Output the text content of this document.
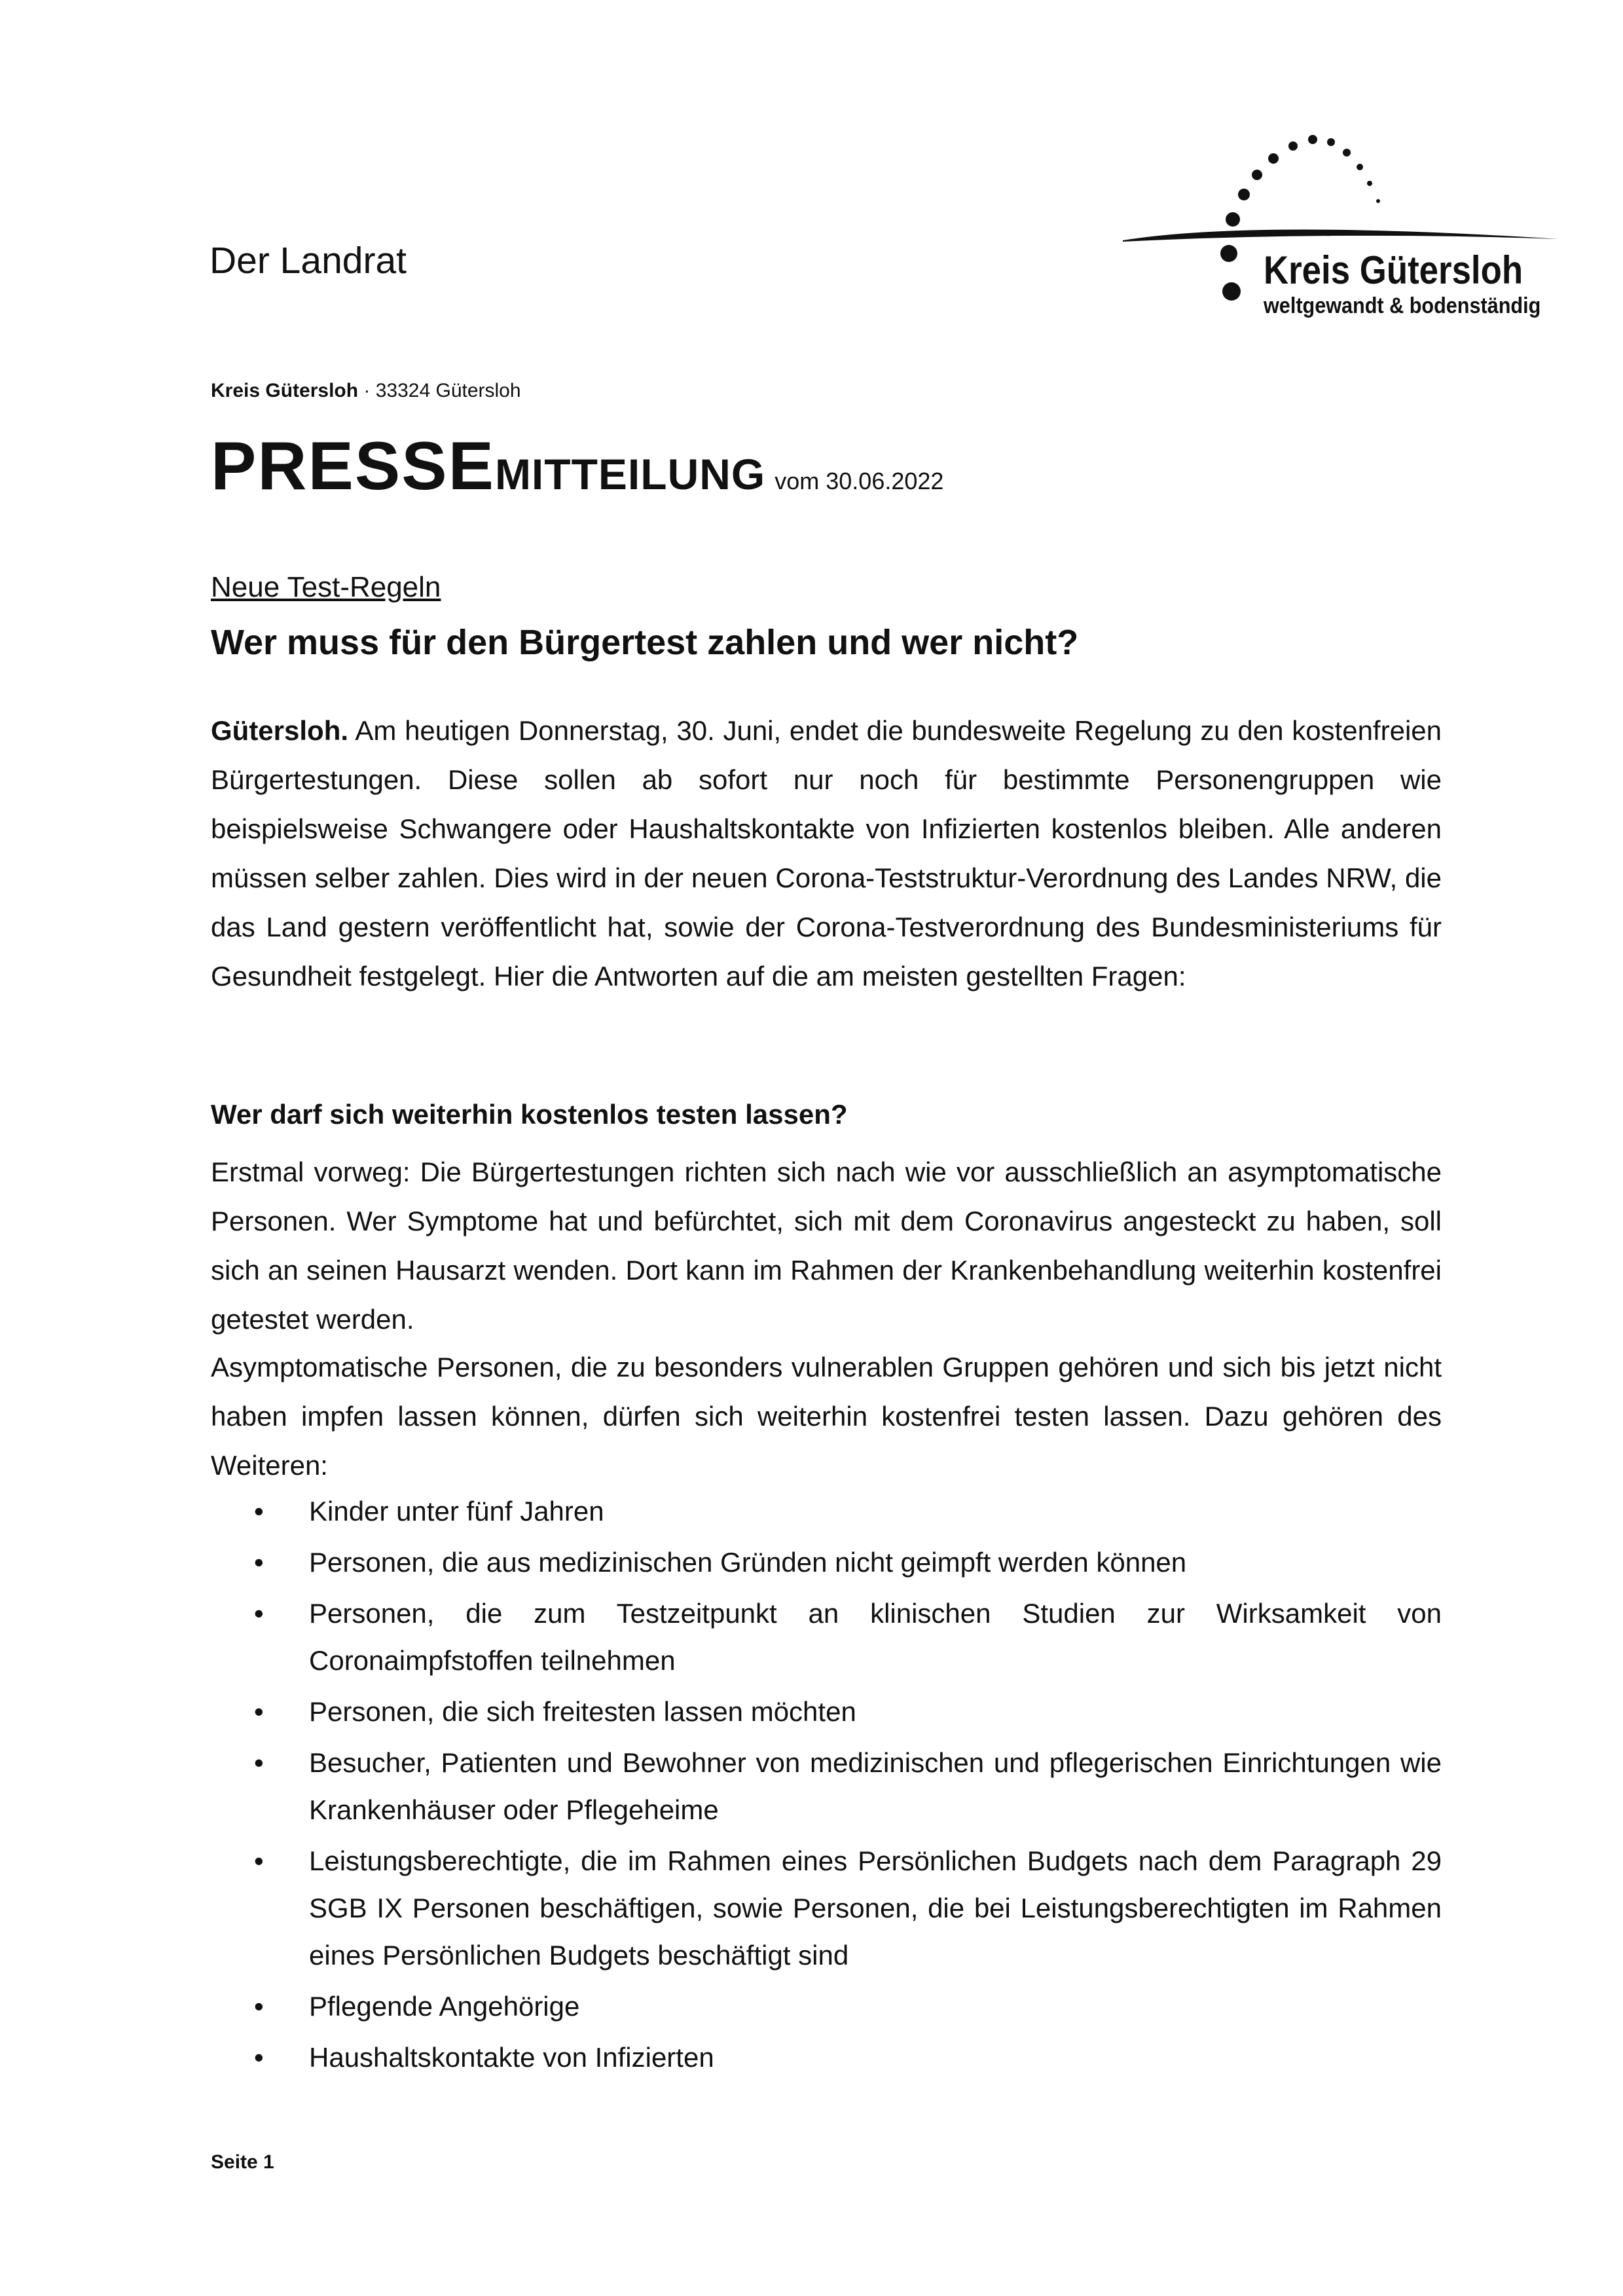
Der Landrat	Kreis Gütersloh
weltgewandt & bodenständig
Kreis Gütersloh · 33324 Gütersloh
PRESSEMITTEILUNG vom 30.06.2022
Neue Test-Regeln
Wer muss für den Bürgertest zahlen und wer nicht?
Gütersloh. Am heutigen Donnerstag, 30. Juni, endet die bundesweite Regelung zu den kostenfreien Bürgertestungen. Diese sollen ab sofort nur noch für bestimmte Personengruppen wie beispielsweise Schwangere oder Haushaltskontakte von Infizierten kostenlos bleiben. Alle anderen müssen selber zahlen. Dies wird in der neuen Corona-Teststruktur-Verordnung des Landes NRW, die das Land gestern veröffentlicht hat, sowie der Corona-Testverordnung des Bundesministeriums für Gesundheit festgelegt. Hier die Antworten auf die am meisten gestellten Fragen:
Wer darf sich weiterhin kostenlos testen lassen?
Erstmal vorweg: Die Bürgertestungen richten sich nach wie vor ausschließlich an asymptomatische Personen. Wer Symptome hat und befürchtet, sich mit dem Coronavirus angesteckt zu haben, soll sich an seinen Hausarzt wenden. Dort kann im Rahmen der Krankenbehandlung weiterhin kostenfrei getestet werden.
Asymptomatische Personen, die zu besonders vulnerablen Gruppen gehören und sich bis jetzt nicht haben impfen lassen können, dürfen sich weiterhin kostenfrei testen lassen. Dazu gehören des Weiteren:
• Kinder unter fünf Jahren
• Personen, die aus medizinischen Gründen nicht geimpft werden können
• Personen, die zum Testzeitpunkt an klinischen Studien zur Wirksamkeit von Coronaimpfstoffen teilnehmen
• Personen, die sich freitesten lassen möchten
• Besucher, Patienten und Bewohner von medizinischen und pflegerischen Einrichtungen wie Krankenhäuser oder Pflegeheime
• Leistungsberechtigte, die im Rahmen eines Persönlichen Budgets nach dem Paragraph 29 SGB IX Personen beschäftigen, sowie Personen, die bei Leistungsberechtigten im Rahmen eines Persönlichen Budgets beschäftigt sind
• Pflegende Angehörige
• Haushaltskontakte von Infizierten
Seite 1
